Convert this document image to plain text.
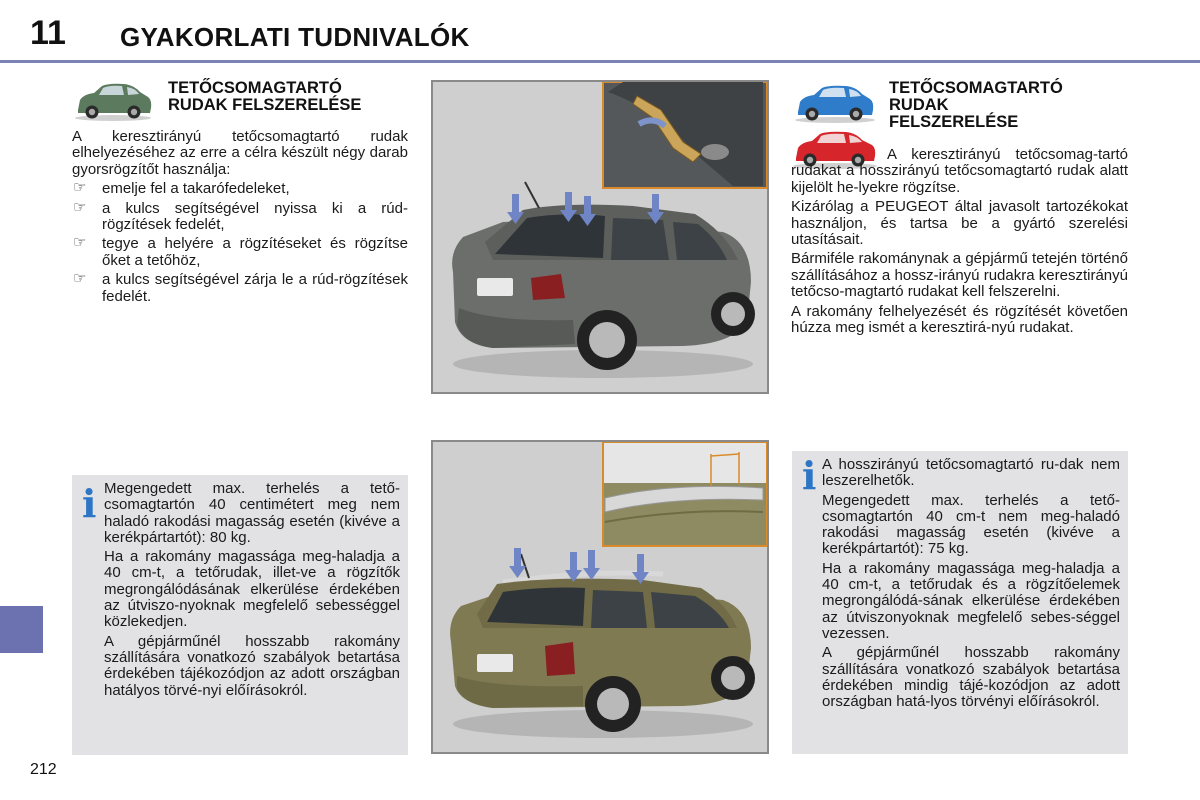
11 GYAKORLATI TUDNIVALÓK
TETŐCSOMAGTARTÓ
RUDAK FELSZERELÉSE

A keresztirányú tetőcsomagtartó rudak elhelyezéséhez az erre a célra készült négy darab gyorsrögzítőt használja:

☞ emelje fel a takarófedeleket,
☞ a kulcs segítségével nyissa ki a rúd-rögzítések fedelét,
☞ tegye a helyére a rögzítéseket és rögzítse őket a tetőhöz,
☞ a kulcs segítségével zárja le a rúd-rögzítések fedelét.
i Megengedett max. terhelés a tető-csomagtartón 40 centimétert meg nem haladó rakodási magasság esetén (kivéve a kerékpártartót): 80 kg.

Ha a rakomány magassága meg-haladja a 40 cm-t, a tetőrudak, illet-ve a rögzítők megrongálódásának elkerülése érdekében az útviszo-nyoknak megfelelő sebességgel közlekedjen.

A gépjárműnél hosszabb rakomány szállítására vonatkozó szabályok betartása érdekében tájékozódjon az adott országban hatályos törvé-nyi előírásokról.

TETŐCSOMAGTARTÓ
RUDAK
FELSZERELÉSE

A keresztirányú tetőcsomag-tartó rudakat a hosszirányú tetőcsomagtartó rudak alatt kijelölt he-lyekre rögzítse.

Kizárólag a PEUGEOT által javasolt tartozékokat használjon, és tartsa be a gyártó szerelési utasításait.

Bármiféle rakománynak a gépjármű tetején történő szállításához a hossz-irányú rudakra keresztirányú tetőcso-magtartó rudakat kell felszerelni.

A rakomány felhelyezését és rögzítését követően húzza meg ismét a keresztirá-nyú rudakat.

i A hosszirányú tetőcsomagtartó ru-dak nem leszerelhetők.

Megengedett max. terhelés a tető-csomagtartón 40 cm-t nem meg-haladó rakodási magasság esetén (kivéve a kerékpártartót): 75 kg.

Ha a rakomány magassága meg-haladja a 40 cm-t, a tetőrudak és a rögzítőelemek megrongálódá-sának elkerülése érdekében az útviszonyoknak megfelelő sebes-séggel vezessen.

A gépjárműnél hosszabb rakomány szállítására vonatkozó szabályok betartása érdekében mindig tájé-kozódjon az adott országban hatá-lyos törvényi előírásokról.

212
